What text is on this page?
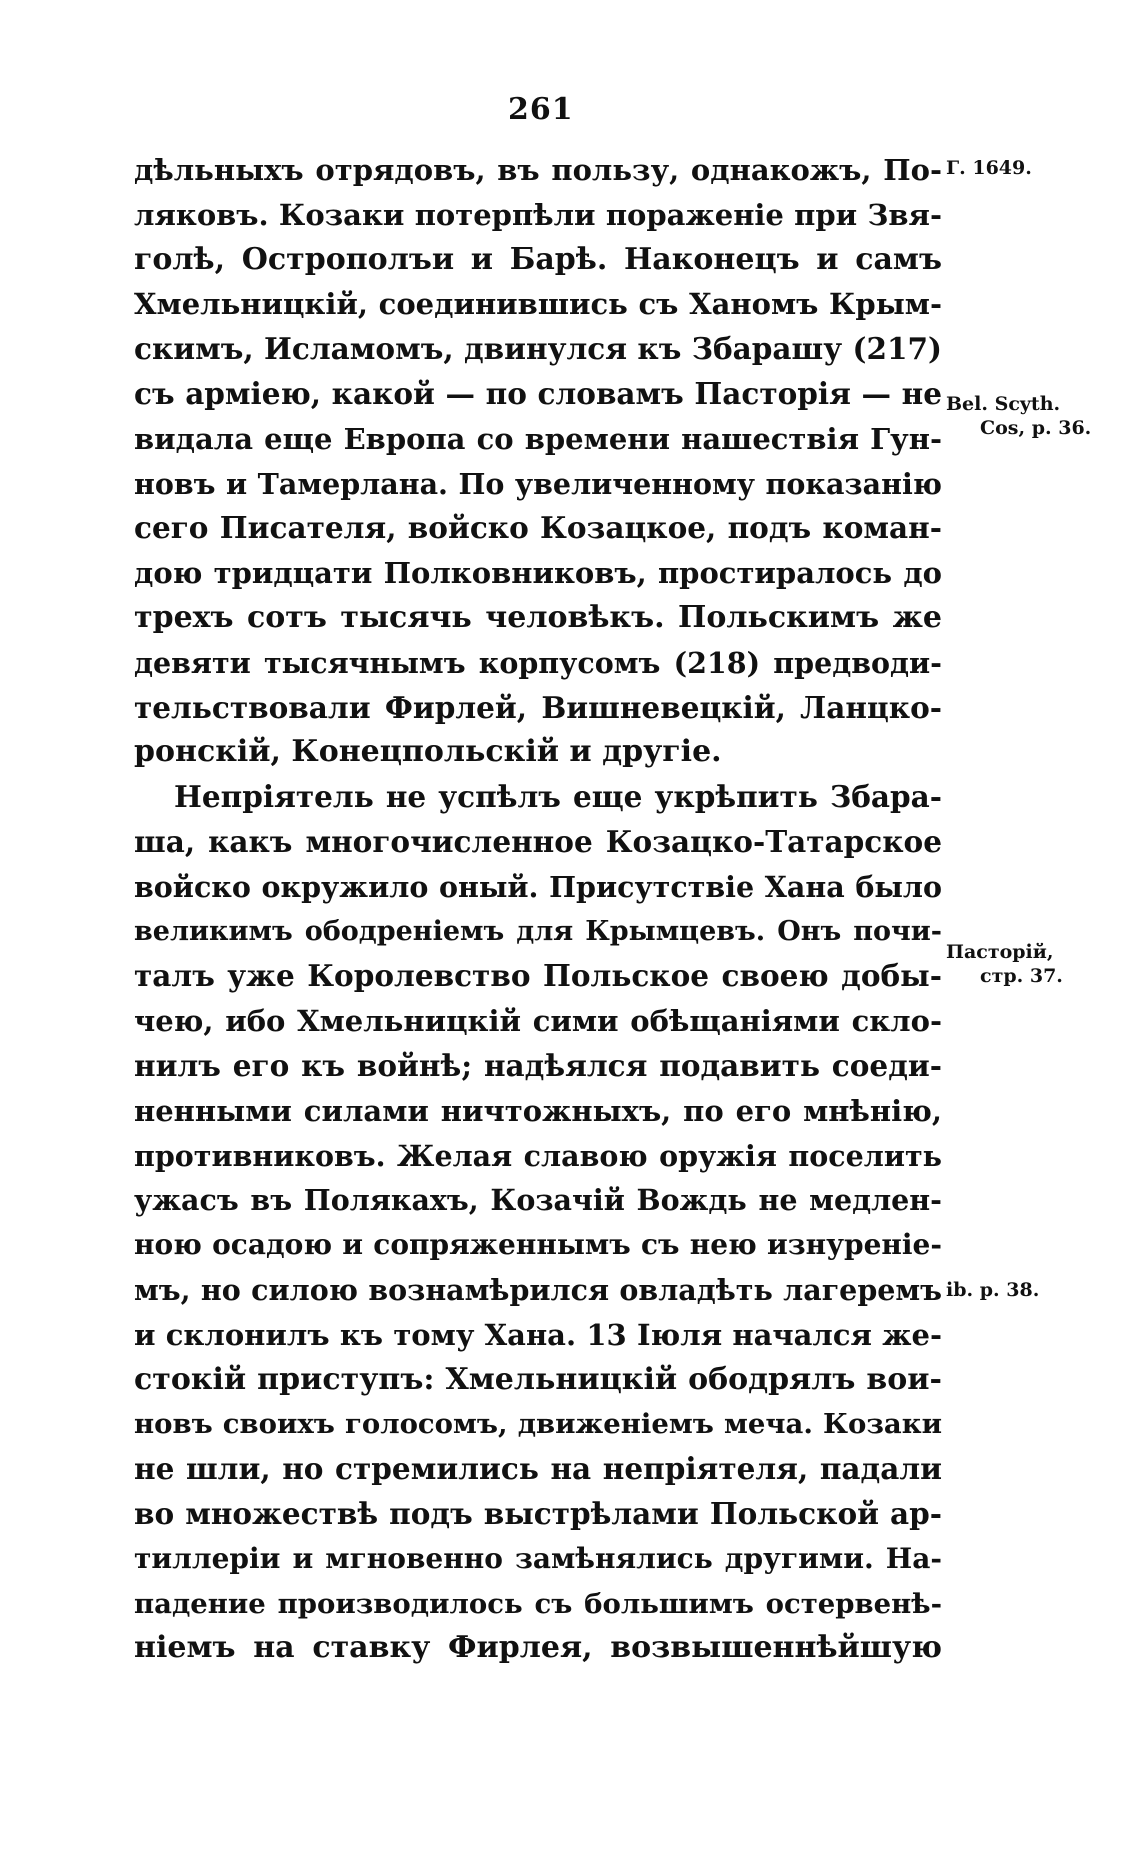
261
дѣльныхъ отрядовъ, въ пользу, однакожъ, По-
ляковъ. Козаки потерпѣли пораженіе при Звя-
голѣ, Острополъи и Барѣ. Наконецъ и самъ
Хмельницкій, соединившись съ Ханомъ Крым-
скимъ, Исламомъ, двинулся къ Збарашу (217)
съ арміею, какой — по словамъ Пасторія — не
видала еще Европа со времени нашествія Гун-
новъ и Тамерлана. По увеличенному показанію
сего Писателя, войско Козацкое, подъ коман-
дою тридцати Полковниковъ, простиралось до
трехъ сотъ тысячь человѣкъ. Польскимъ же
девяти тысячнымъ корпусомъ (218) предводи-
тельствовали Фирлей, Вишневецкій, Ланцко-
ронскій, Конецпольскій и другіе.
Непріятель не успѣлъ еще укрѣпить Збара-
ша, какъ многочисленное Козацко-Татарское
войско окружило оный. Присутствіе Хана было
великимъ ободреніемъ для Крымцевъ. Онъ почи-
талъ уже Королевство Польское своею добы-
чею, ибо Хмельницкій сими обѣщаніями скло-
нилъ его къ войнѣ; надѣялся подавить соеди-
ненными силами ничтожныхъ, по его мнѣнію,
противниковъ. Желая славою оружія поселить
ужасъ въ Полякахъ, Козачій Вождь не медлен-
ною осадою и сопряженнымъ съ нею изнуреніе-
мъ, но силою вознамѣрился овладѣть лагеремъ
и склонилъ къ тому Хана. 13 Іюля начался же-
стокій приступъ: Хмельницкій ободрялъ вои-
новъ своихъ голосомъ, движеніемъ меча. Козаки
не шли, но стремились на непріятеля, падали
во множествѣ подъ выстрѣлами Польской ар-
тиллеріи и мгновенно замѣнялись другими. На-
падение производилось съ большимъ остервенѣ-
ніемъ на ставку Фирлея, возвышеннѣйшую
Г. 1649.
Bel. Scyth.
Cos, p. 36.
Пасторій,
стр. 37.
ib. p. 38.
